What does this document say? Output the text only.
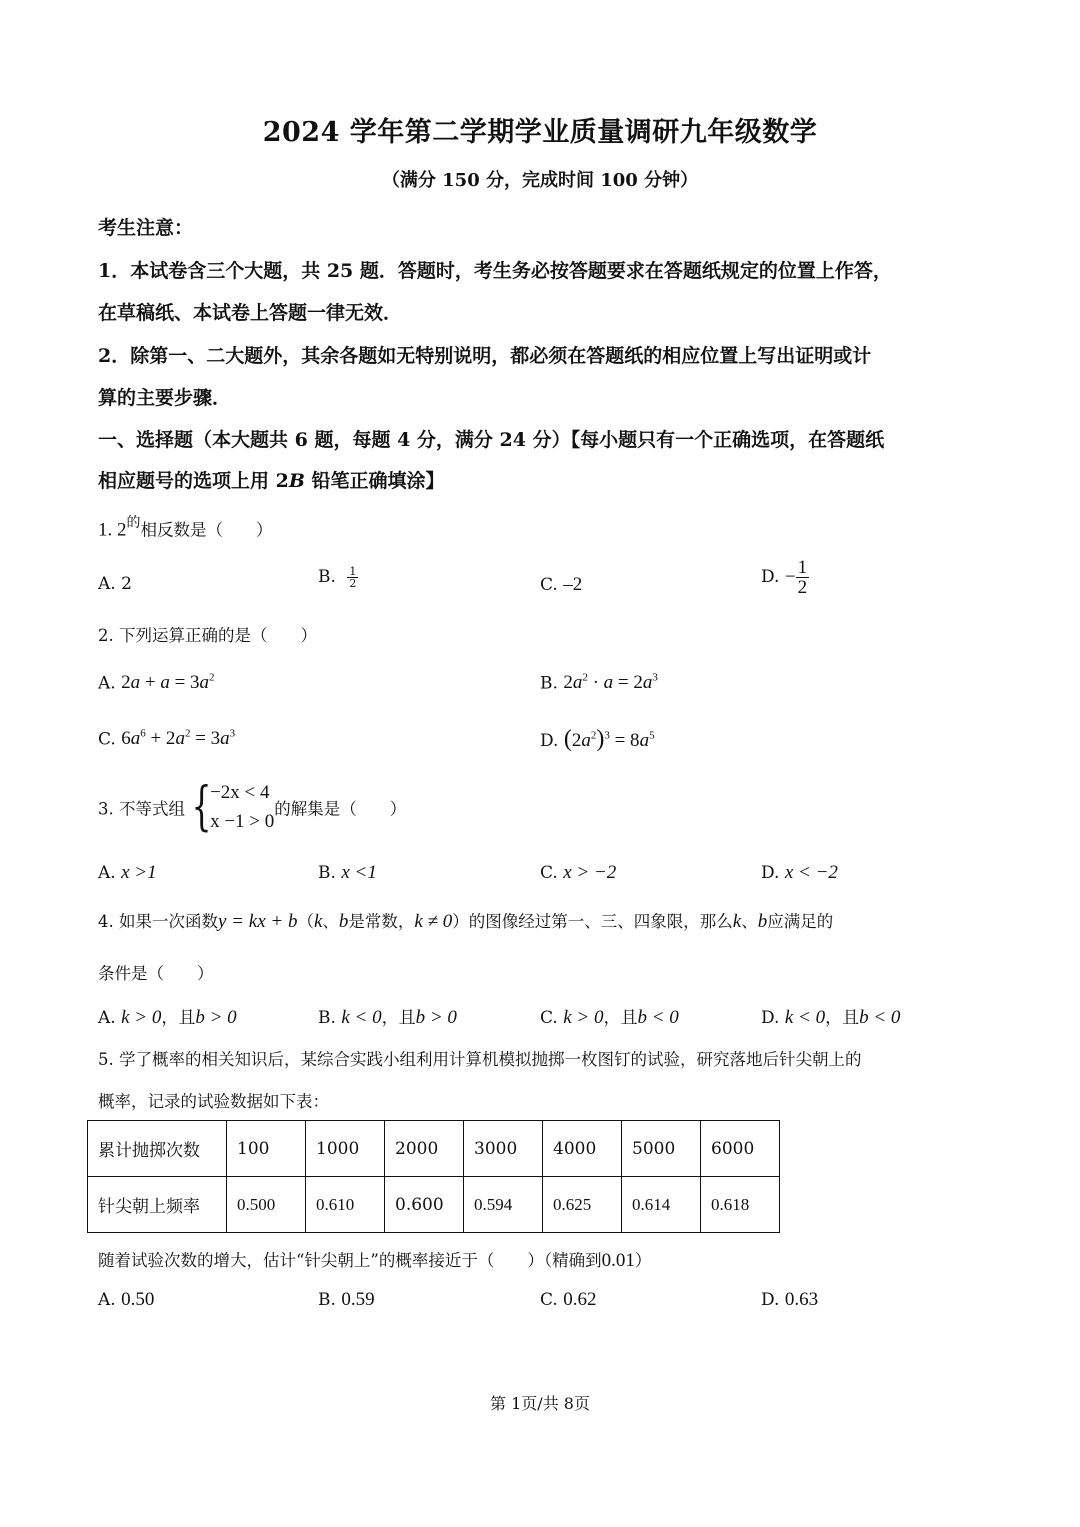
2024 学年第二学期学业质量调研九年级数学
（满分 150 分，完成时间 100 分钟）
考生注意：
1．本试卷含三个大题，共 25 题．答题时，考生务必按答题要求在答题纸规定的位置上作答，
在草稿纸、本试卷上答题一律无效．
2．除第一、二大题外，其余各题如无特别说明，都必须在答题纸的相应位置上写出证明或计
算的主要步骤．
一、选择题（本大题共 6 题，每题 4 分，满分 24 分）【每小题只有一个正确选项，在答题纸
相应题号的选项上用 2B 铅笔正确填涂】
1. $2^的$相反数是（　　）
A. 2	B. $\frac{1}{2}$	C. –2	D. − $\frac{1}{2}$
2. 下列运算正确的是（　　）
A. $2a + a = 3a^2$	B. $2a^2 \cdot a = 2a^3$
C. $6a^6 + 2a^2 = 3a^3$	D. $(2a^2)^3 = 8a^5$
3. 不等式组 {
−2x < 4
x −1 > 0
的解集是（　　）
A. x >1	B. x <1	C. x > −2	D. x < −2
4. 如果一次函数y = kx + b（k、b是常数，k ≠ 0）的图像经过第一、三、四象限，那么k、b应满足的
条件是（　　）
A. k > 0，且b > 0	B. k < 0，且b > 0	C. k > 0，且b < 0	D. k < 0，且b < 0
5. 学了概率的相关知识后，某综合实践小组利用计算机模拟抛掷一枚图钉的试验，研究落地后针尖朝上的
概率，记录的试验数据如下表：
累计抛掷次数	100	1000	2000	3000	4000	5000	6000
针尖朝上频率	0.500	0.610	0.600	0.594	0.625	0.614	0.618
随着试验次数的增大，估计“针尖朝上”的概率接近于（　　）（精确到0.01）
A. 0.50	B. 0.59	C. 0.62	D. 0.63
第 1页/共 8页
